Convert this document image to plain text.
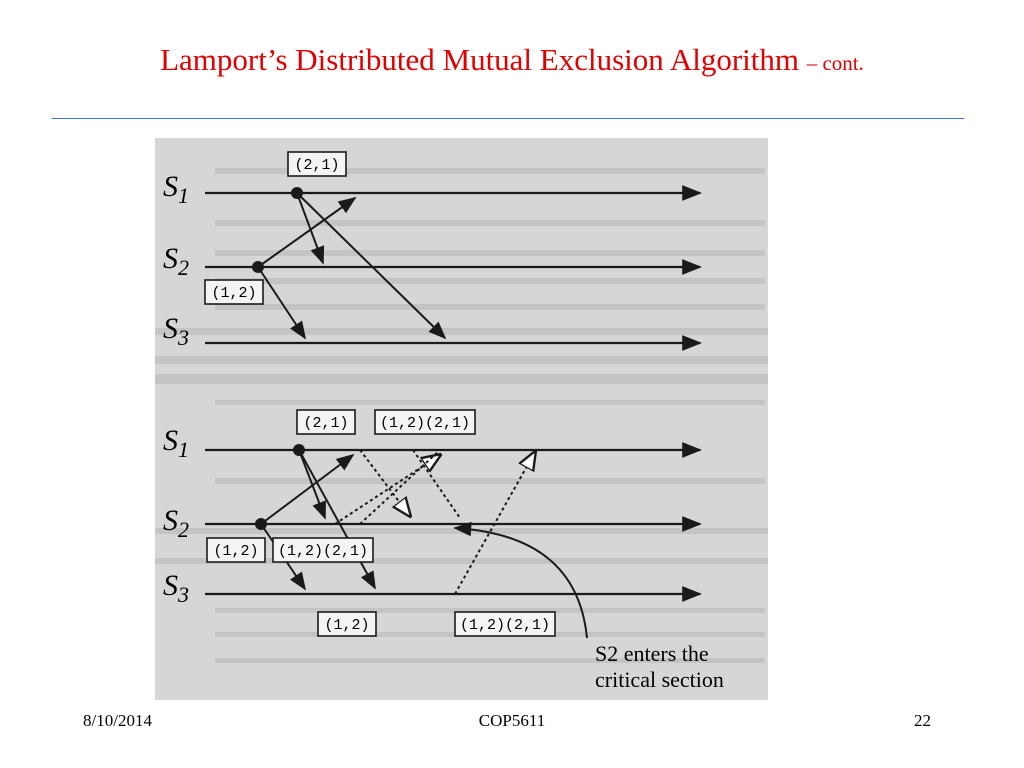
Lamport’s Distributed Mutual Exclusion Algorithm – cont.
$S_1$
$S_2$
$S_3$
(2,1)
(1,2)
$S_1$
$S_2$
$S_3$
(2,1) (1,2)(2,1)
(1,2) (1,2)(2,1)
(1,2)	(1,2)(2,1)
S2 enters the
critical section
8/10/2014	COP5611	22
